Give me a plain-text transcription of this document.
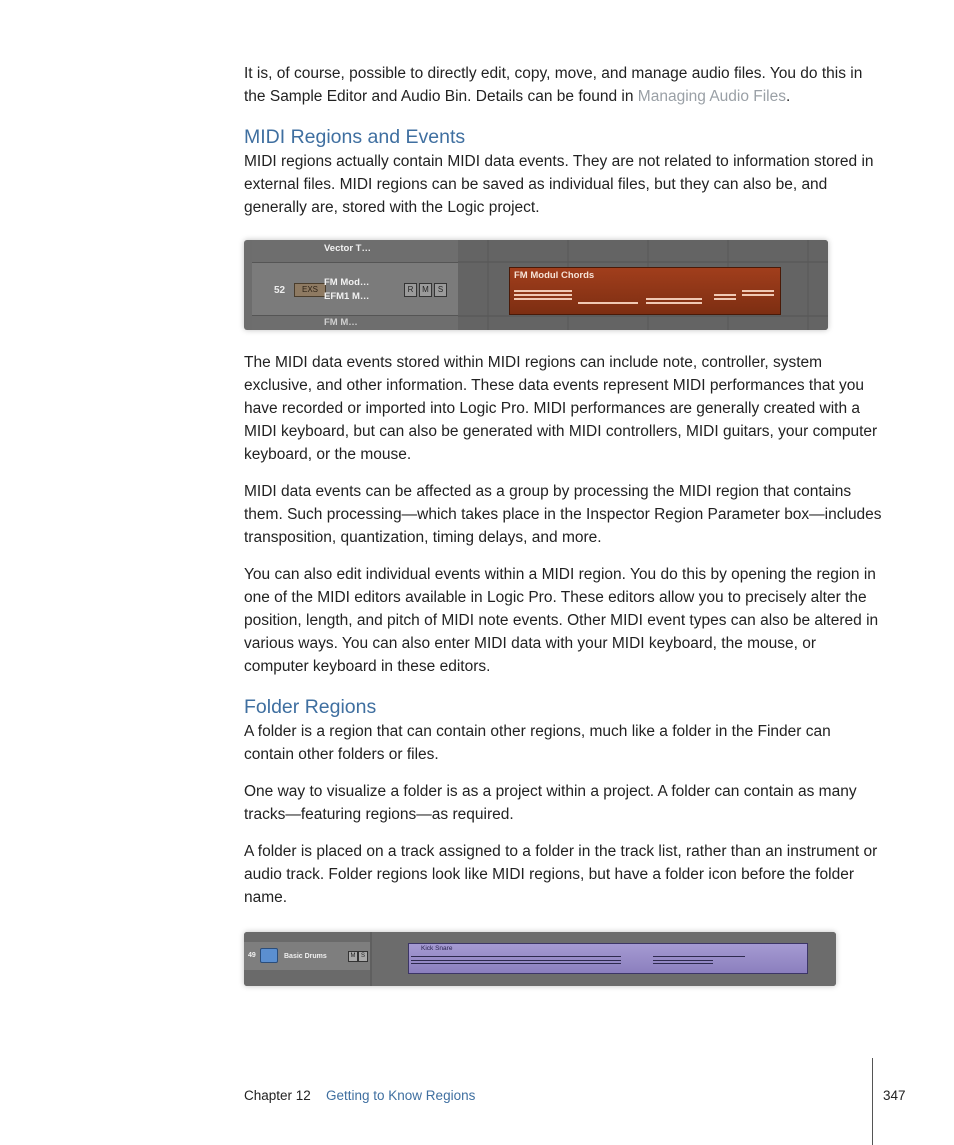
It is, of course, possible to directly edit, copy, move, and manage audio files. You do this in the Sample Editor and Audio Bin. Details can be found in Managing Audio Files.

MIDI Regions and Events

MIDI regions actually contain MIDI data events. They are not related to information stored in external files. MIDI regions can be saved as individual files, but they can also be, and generally are, stored with the Logic project.

Vector T…
52	EXS
FM Mod…
EFM1 M…
R	M	S
FM M…
FM Modul Chords

The MIDI data events stored within MIDI regions can include note, controller, system exclusive, and other information. These data events represent MIDI performances that you have recorded or imported into Logic Pro. MIDI performances are generally created with a MIDI keyboard, but can also be generated with MIDI controllers, MIDI guitars, your computer keyboard, or the mouse.

MIDI data events can be affected as a group by processing the MIDI region that contains them. Such processing—which takes place in the Inspector Region Parameter box—includes transposition, quantization, timing delays, and more.

You can also edit individual events within a MIDI region. You do this by opening the region in one of the MIDI editors available in Logic Pro. These editors allow you to precisely alter the position, length, and pitch of MIDI note events. Other MIDI event types can also be altered in various ways. You can also enter MIDI data with your MIDI keyboard, the mouse, or computer keyboard in these editors.

Folder Regions

A folder is a region that can contain other regions, much like a folder in the Finder can contain other folders or files.

One way to visualize a folder is as a project within a project. A folder can contain as many tracks—featuring regions—as required.

A folder is placed on a track assigned to a folder in the track list, rather than an instrument or audio track. Folder regions look like MIDI regions, but have a folder icon before the folder name.

49	Basic Drums	M S
Kick Snare
Chapter 12 Getting to Know Regions	347
